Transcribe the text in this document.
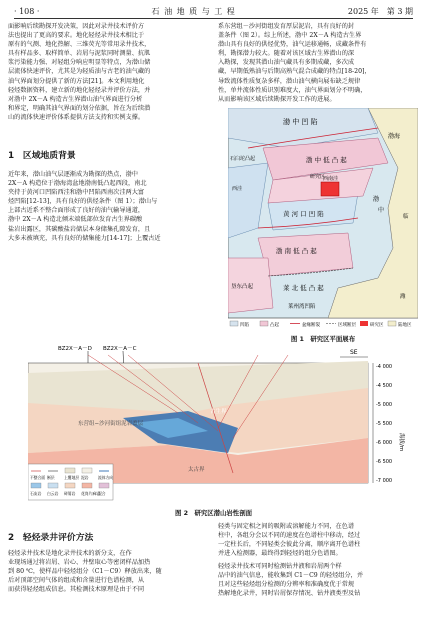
· 108 ·	石 油 地 质 与 工 程	2025 年　第 3 期

面影响后续勘探开发决策，因此对录井技术评价方

法也提出了更高的要求。地化轻烃录井技术相比于

原有的气测、地化热解、三维荧光等常用录井技术，

具有样品多、取样简单、岩屑与泥浆同时测量、抗肌

浆污染能力强、对轻组分响应明显等特点，为潜山储

层流体快速评价，尤其是为轻质油与古老的油气藏的

油气界面划分提供了新的方法[21]。本文利用地化

轻烃数据资料，建立新的地化轻烃录井评价方法，并

对渤中 2X－A 构造古生界潜山油气界面进行分析

和界定，明确其油气界面的划分依据，旨在为后续潜

山的流体快速评价体系提供方法支持和实例支撑。

1　区域地质背景

近年来，潜山油气层逐渐成为勘探的热点，渤中

2X－A 构造位于渤海湾盆地渤南低凸起西段，南北

夹持于黄河口凹陷西洼和渤中凹陷西南次洼两大富

烃凹陷[12-13]，具有良好的供烃条件（图 1）；潜山与

上部古近系不整合面形成了良好的油气输导通道，

渤中 2X－A 构造北倾末端低部位发育古生界碳酸

盐岩出露区，其碳酸盐岩储层本身储集孔隙发育，且

大多未被填充，具有良好的储集能力[14-17]；上覆古近

系东营组－沙河街组发育厚层泥岩，具有良好的封

盖条件（图 2）。综上所述，渤中 2X－A 构造古生界

潜山具有良好的供烃优势，油气运移通畅，成藏条件有

利，勘探潜力较大。随着对该区域古生界潜山的深

入勘探，发现其潜山油气藏具有多期成藏，多次成

藏，早期低熟油与后期高熟气混合成藏的特点[18-20]，

导致流体性质复杂多样，潜山油气横向展布缺乏规律

性，单井流体性质识别难度大，油气界面划分不明确，

从而影响该区域后续勘探开发工作的进展。

渤 中 凹 陷
渤 中 低 凸 起
石臼坨凸起
西南洼
西洼
黄 河 口 凹 陷
渤 南 低 凸 起
渤
中
莱 北 低 凸 起
莱州湾凹陷
垦东凸起
渤海
临
潍
研究区
凹陷	凸起	盆缘断裂	区域断层	研究区	陆地区
图 1　研究区平面展布
BZ2X－A－D BZ2X－A－C	SE
东营组−沙河街组泥岩盖层
古生界
太古界
-4 000
-4 500
-5 000
-5 500
-6 000
-6 500
-7 000
海拔/m
不整合面 断层 上覆地层 泥岩 流体方向
石灰岩 白云岩 碎屑岩 花岗片麻岩
混合
图 2　研究区潜山岩性剖面
2　轻烃录井评价方法

轻烃录井技术是地化录井技术的新分支，在作

业现场通过将岩屑、岩心、井壁取心等密闭样品加热

到 80 ℃，使样品中轻烃组分（C1－C9）释放出来，随

后对顶部空间气体的组成和含量进行色谱检测，从

而获得轻烃组成信息。其检测技术原理是由于不同

轻类与固定相之间的吸附或溶解能力不同，在色谱

柱中，各组分会以不同的速度在色谱柱中移动，经过

一定柱长后，不同轻类会彼此分离，顺序离开色谱柱

并进入检测器，最终得到轻烃的组分色谱图。

轻烃录井技术可同时检测钻井液和岩屑两个样

品中的油气信息，能收集到 C1－C9 的轻烃组分，并

且对这些轻烃组分检测的分辨率和准确度优于常规

热解地化录井，同时岩屑保存情况、钻井液类型及钻
